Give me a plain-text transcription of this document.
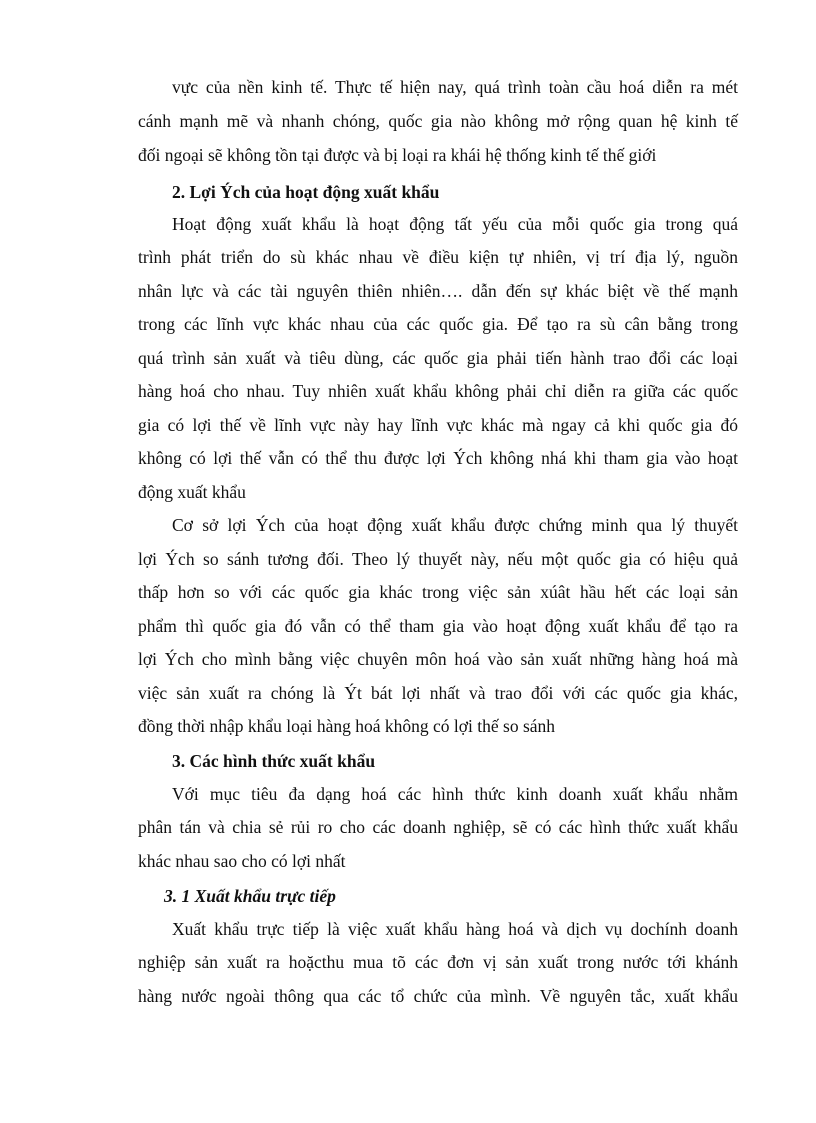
vực của nền kinh tế. Thực tế hiện nay, quá trình toàn cầu hoá diễn ra mét
cánh mạnh mẽ và nhanh chóng, quốc gia nào không mở rộng quan hệ kinh tế
đối ngoại sẽ không tồn tại được và bị loại ra khái hệ thống kinh tế thế giới
2. Lợi Ých của hoạt động xuất khẩu
Hoạt động xuất khẩu là hoạt động tất yếu của mỗi quốc gia trong quá
trình phát triển do sù khác nhau về điều kiện tự nhiên, vị trí địa lý, nguồn
nhân lực và các tài nguyên thiên nhiên…. dẫn đến sự khác biệt về thế mạnh
trong các lĩnh vực khác nhau của các quốc gia. Để tạo ra sù cân bằng trong
quá trình sản xuất và tiêu dùng, các quốc gia phải tiến hành trao đổi các loại
hàng hoá cho nhau. Tuy nhiên xuất khẩu không phải chỉ diễn ra giữa các quốc
gia có lợi thế về lĩnh vực này hay lĩnh vực khác mà ngay cả khi quốc gia đó
không có lợi thế vẫn có thể thu được lợi Ých không nhá khi tham gia vào hoạt
động xuất khẩu
Cơ sở lợi Ých của hoạt động xuất khẩu được chứng minh qua lý thuyết
lợi Ých so sánh tương đối. Theo lý thuyết này, nếu một quốc gia có hiệu quả
thấp hơn so với các quốc gia khác trong việc sản xúât hầu hết các loại sản
phẩm thì quốc gia đó vẫn có thể tham gia vào hoạt động xuất khẩu để tạo ra
lợi Ých cho mình bằng việc chuyên môn hoá vào sản xuất những hàng hoá mà
việc sản xuất ra chóng là Ýt bát lợi nhất và trao đổi với các quốc gia khác,
đồng thời nhập khẩu loại hàng hoá không có lợi thế so sánh
3. Các hình thức xuất khẩu
Với mục tiêu đa dạng hoá các hình thức kinh doanh xuất khẩu nhằm
phân tán và chia sẻ rủi ro cho các doanh nghiệp, sẽ có các hình thức xuất khẩu
khác nhau sao cho có lợi nhất
3. 1 Xuất khẩu trực tiếp
Xuất khẩu trực tiếp là việc xuất khẩu hàng hoá và dịch vụ dochính doanh
nghiệp sản xuất ra hoặcthu mua tõ các đơn vị sản xuất trong nước tới khánh
hàng nước ngoài thông qua các tổ chức của mình. Về nguyên tắc, xuất khẩu
